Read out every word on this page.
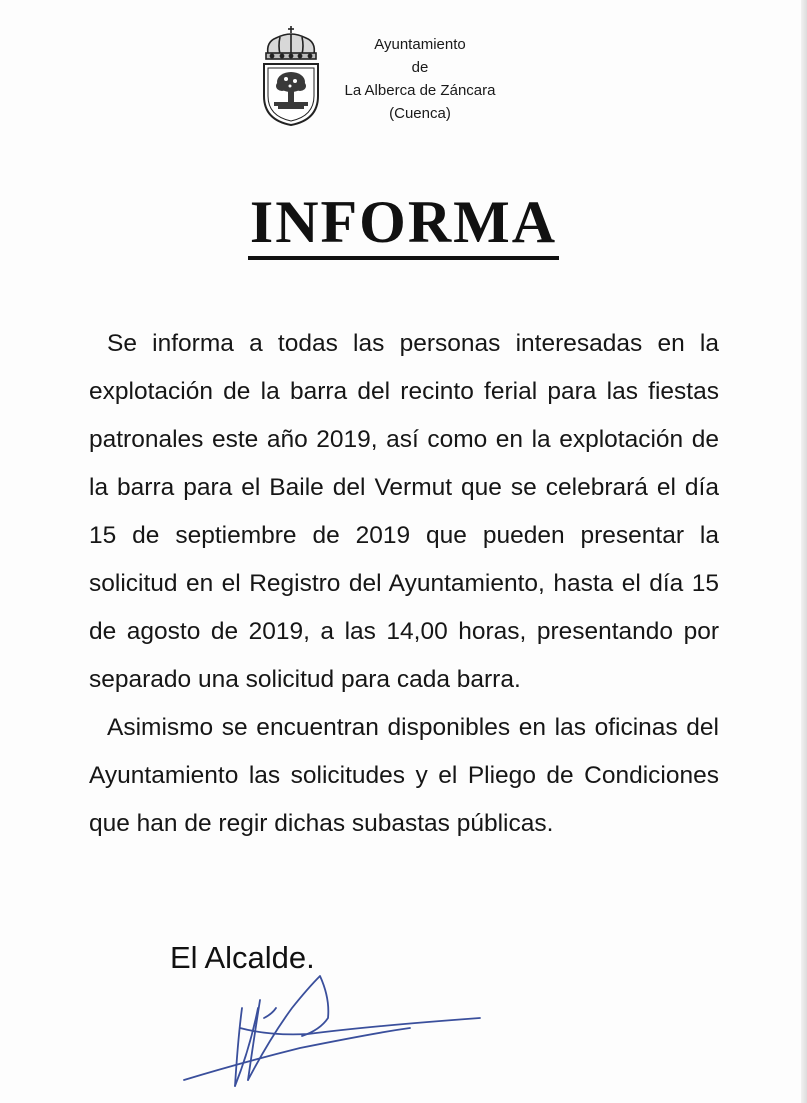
Ayuntamiento
de
La Alberca de Záncara
(Cuenca)
INFORMA

Se informa a todas las personas interesadas en la explotación de la barra del recinto ferial para las fiestas patronales este año 2019, así como en la explotación de la barra para el Baile del Vermut que se celebrará el día 15 de septiembre de 2019 que pueden presentar la solicitud en el Registro del Ayuntamiento, hasta el día 15 de agosto de 2019, a las 14,00 horas, presentando por separado una solicitud para cada barra.

Asimismo se encuentran disponibles en las oficinas del Ayuntamiento las solicitudes y el Pliego de Condiciones que han de regir dichas subastas públicas.

El Alcalde.
